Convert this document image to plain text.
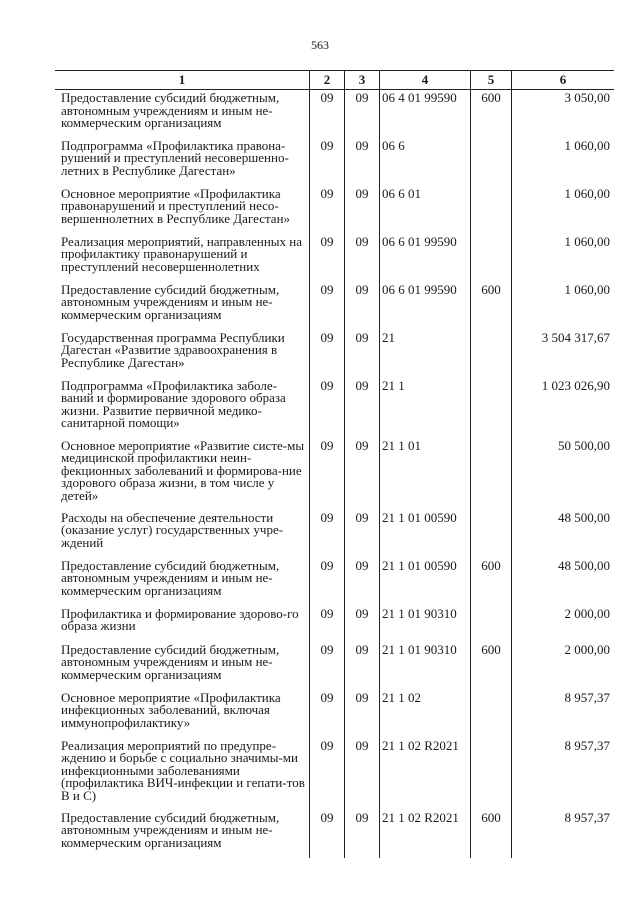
563
1	2	3	4	5	6
Предоставление субсидий бюджетным, автономным учреждениям и иным не-коммерческим организациям	09	09	06 4 01 99590	600	3 050,00
Подпрограмма «Профилактика правона-рушений и преступлений несовершенно-летних в Республике Дагестан»	09	09	06 6		1 060,00
Основное мероприятие «Профилактика правонарушений и преступлений несо-вершеннолетних в Республике Дагестан»	09	09	06 6 01		1 060,00
Реализация мероприятий, направленных на профилактику правонарушений и преступлений несовершеннолетних	09	09	06 6 01 99590		1 060,00
Предоставление субсидий бюджетным, автономным учреждениям и иным не-коммерческим организациям	09	09	06 6 01 99590	600	1 060,00
Государственная программа Республики Дагестан «Развитие здравоохранения в Республике Дагестан»	09	09	21		3 504 317,67
Подпрограмма «Профилактика заболе-ваний и формирование здорового образа жизни. Развитие первичной медико-санитарной помощи»	09	09	21 1		1 023 026,90
Основное мероприятие «Развитие систе-мы медицинской профилактики неин-фекционных заболеваний и формирова-ние здорового образа жизни, в том числе у детей»	09	09	21 1 01		50 500,00
Расходы на обеспечение деятельности (оказание услуг) государственных учре-ждений	09	09	21 1 01 00590		48 500,00
Предоставление субсидий бюджетным, автономным учреждениям и иным не-коммерческим организациям	09	09	21 1 01 00590	600	48 500,00
Профилактика и формирование здорово-го образа жизни	09	09	21 1 01 90310		2 000,00
Предоставление субсидий бюджетным, автономным учреждениям и иным не-коммерческим организациям	09	09	21 1 01 90310	600	2 000,00
Основное мероприятие «Профилактика инфекционных заболеваний, включая иммунопрофилактику»	09	09	21 1 02		8 957,37
Реализация мероприятий по предупре-ждению и борьбе с социально значимы-ми инфекционными заболеваниями (профилактика ВИЧ-инфекции и гепати-тов В и С)	09	09	21 1 02 R2021		8 957,37
Предоставление субсидий бюджетным, автономным учреждениям и иным не-коммерческим организациям	09	09	21 1 02 R2021	600	8 957,37
